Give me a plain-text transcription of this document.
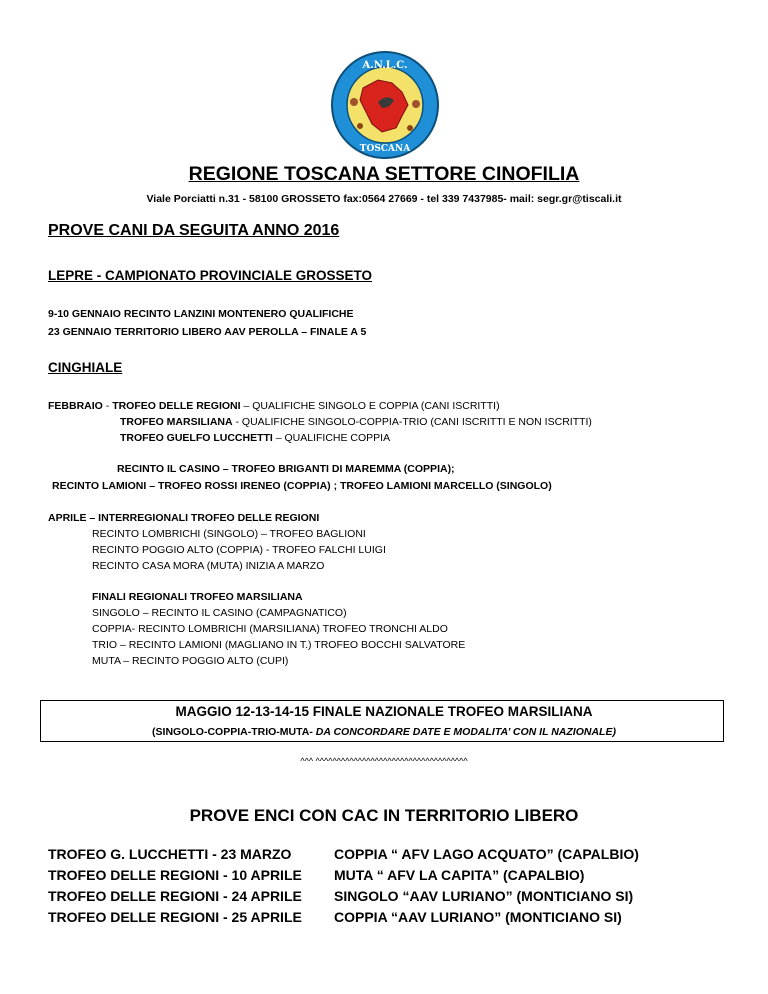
A.N.L.C.
TOSCANA
REGIONE TOSCANA SETTORE CINOFILIA
Viale Porciatti n.31 - 58100 GROSSETO fax:0564 27669 - tel 339 7437985- mail: segr.gr@tiscali.it
PROVE CANI DA SEGUITA ANNO 2016
LEPRE - CAMPIONATO PROVINCIALE GROSSETO
9-10 GENNAIO RECINTO LANZINI MONTENERO QUALIFICHE
23 GENNAIO TERRITORIO LIBERO AAV PEROLLA – FINALE A 5
CINGHIALE
FEBBRAIO - TROFEO DELLE REGIONI – QUALIFICHE SINGOLO E COPPIA (CANI ISCRITTI)
TROFEO MARSILIANA - QUALIFICHE SINGOLO-COPPIA-TRIO (CANI ISCRITTI E NON ISCRITTI)
TROFEO GUELFO LUCCHETTI – QUALIFICHE COPPIA
RECINTO IL CASINO – TROFEO BRIGANTI DI MAREMMA (COPPIA);
RECINTO LAMIONI – TROFEO ROSSI IRENEO (COPPIA) ; TROFEO LAMIONI MARCELLO (SINGOLO)
APRILE – INTERREGIONALI TROFEO DELLE REGIONI
RECINTO LOMBRICHI (SINGOLO) – TROFEO BAGLIONI
RECINTO POGGIO ALTO (COPPIA) - TROFEO FALCHI LUIGI
RECINTO CASA MORA (MUTA) INIZIA A MARZO
FINALI REGIONALI TROFEO MARSILIANA
SINGOLO – RECINTO IL CASINO (CAMPAGNATICO)
COPPIA- RECINTO LOMBRICHI (MARSILIANA) TROFEO TRONCHI ALDO
TRIO – RECINTO LAMIONI (MAGLIANO IN T.) TROFEO BOCCHI SALVATORE
MUTA – RECINTO POGGIO ALTO (CUPI)
MAGGIO 12-13-14-15 FINALE NAZIONALE TROFEO MARSILIANA
(SINGOLO-COPPIA-TRIO-MUTA- DA CONCORDARE DATE E MODALITA’ CON IL NAZIONALE)
^^^ ^^^^^^^^^^^^^^^^^^^^^^^^^^^^^^^^^^^^
PROVE ENCI CON CAC IN TERRITORIO LIBERO
TROFEO G. LUCCHETTI - 23 MARZO	COPPIA “ AFV LAGO ACQUATO” (CAPALBIO)
TROFEO DELLE REGIONI - 10 APRILE MUTA “ AFV LA CAPITA” (CAPALBIO)
TROFEO DELLE REGIONI - 24 APRILE SINGOLO “AAV LURIANO” (MONTICIANO SI)
TROFEO DELLE REGIONI - 25 APRILE COPPIA “AAV LURIANO” (MONTICIANO SI)
